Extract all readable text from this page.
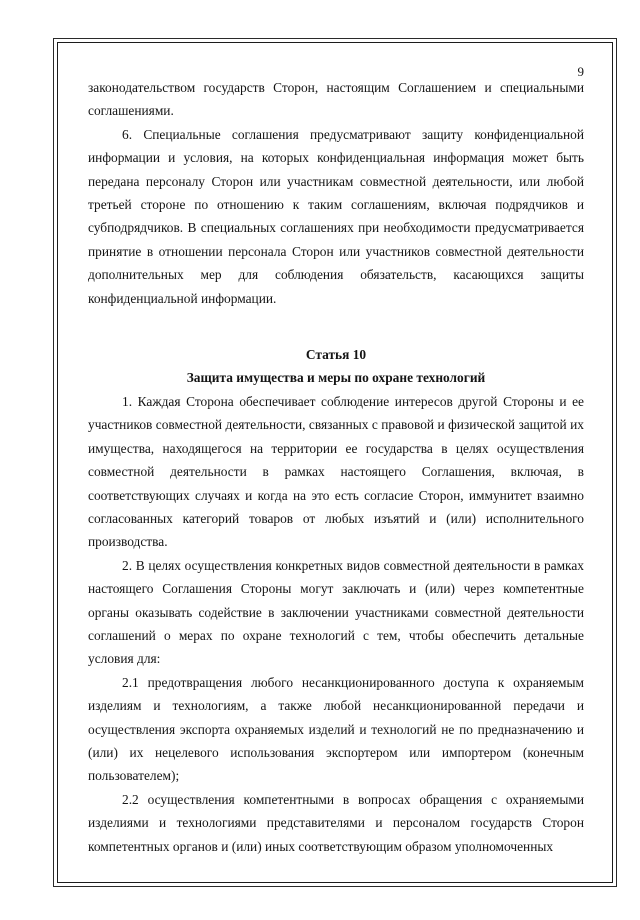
9

законодательством государств Сторон, настоящим Соглашением и специальными соглашениями.

6. Специальные соглашения предусматривают защиту конфиденциальной информации и условия, на которых конфиденциальная информация может быть передана персоналу Сторон или участникам совместной деятельности, или любой третьей стороне по отношению к таким соглашениям, включая подрядчиков и субподрядчиков. В специальных соглашениях при необходимости предусматривается принятие в отношении персонала Сторон или участников совместной деятельности дополнительных мер для соблюдения обязательств, касающихся защиты конфиденциальной информации.

Статья 10

Защита имущества и меры по охране технологий

1. Каждая Сторона обеспечивает соблюдение интересов другой Стороны и ее участников совместной деятельности, связанных с правовой и физической защитой их имущества, находящегося на территории ее государства в целях осуществления совместной деятельности в рамках настоящего Соглашения, включая, в соответствующих случаях и когда на это есть согласие Сторон, иммунитет взаимно согласованных категорий товаров от любых изъятий и (или) исполнительного производства.

2. В целях осуществления конкретных видов совместной деятельности в рамках настоящего Соглашения Стороны могут заключать и (или) через компетентные органы оказывать содействие в заключении участниками совместной деятельности соглашений о мерах по охране технологий с тем, чтобы обеспечить детальные условия для:

2.1 предотвращения любого несанкционированного доступа к охраняемым изделиям и технологиям, а также любой несанкционированной передачи и осуществления экспорта охраняемых изделий и технологий не по предназначению и (или) их нецелевого использования экспортером или импортером (конечным пользователем);

2.2 осуществления компетентными в вопросах обращения с охраняемыми изделиями и технологиями представителями и персоналом государств Сторон компетентных органов и (или) иных соответствующим образом уполномоченных
